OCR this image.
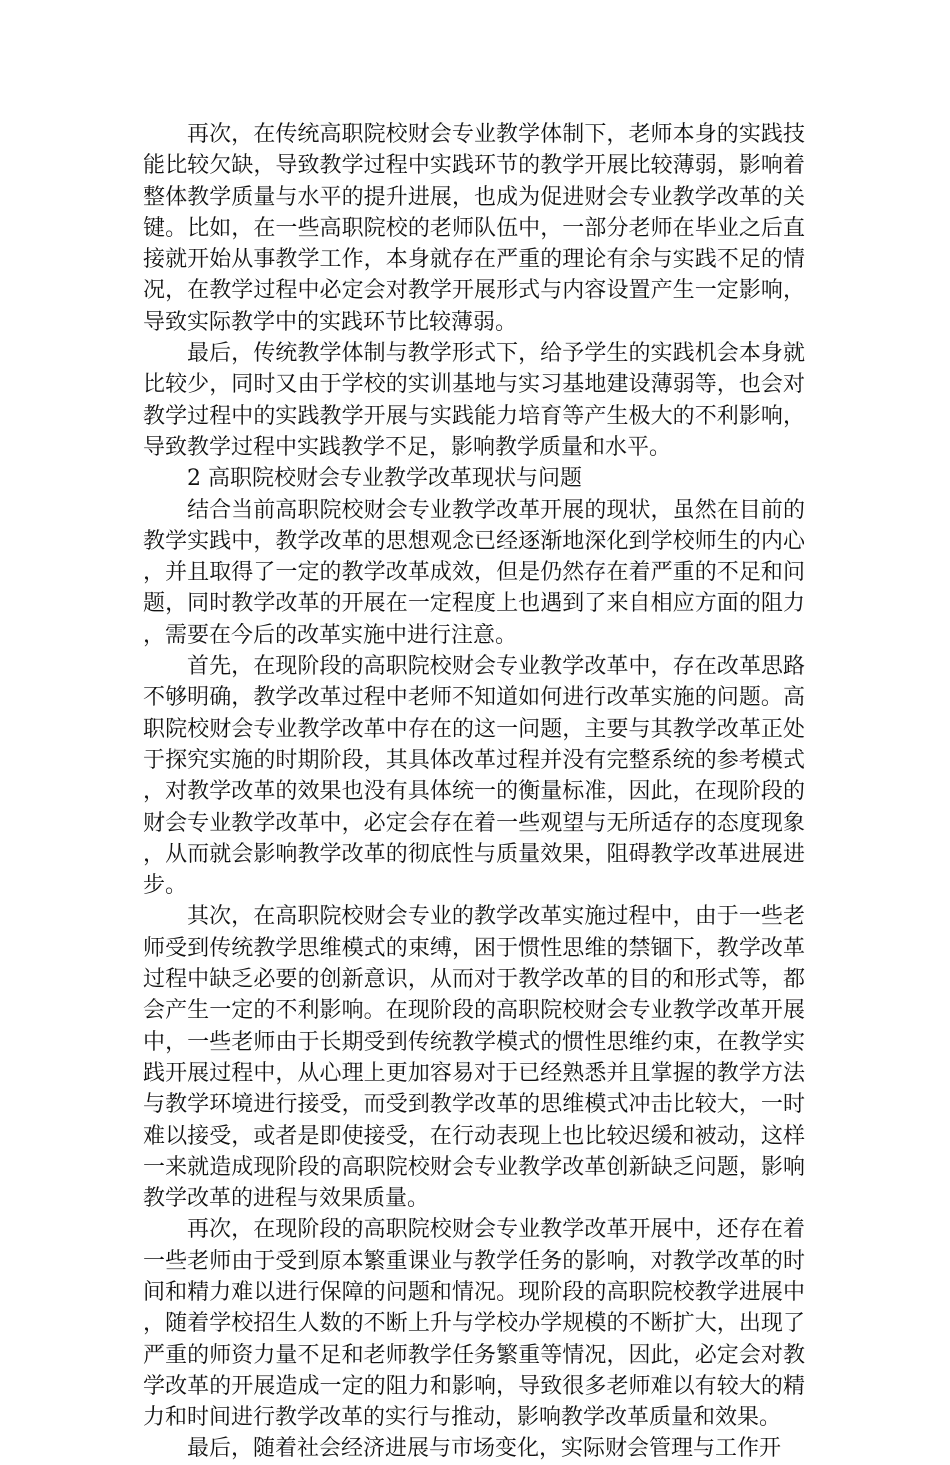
再次，在传统高职院校财会专业教学体制下，老师本身的实践技能比较欠缺，导致教学过程中实践环节的教学开展比较薄弱，影响着整体教学质量与水平的提升进展，也成为促进财会专业教学改革的关键。比如，在一些高职院校的老师队伍中，一部分老师在毕业之后直接就开始从事教学工作，本身就存在严重的理论有余与实践不足的情况，在教学过程中必定会对教学开展形式与内容设置产生一定影响，导致实际教学中的实践环节比较薄弱。

最后，传统教学体制与教学形式下，给予学生的实践机会本身就比较少，同时又由于学校的实训基地与实习基地建设薄弱等，也会对教学过程中的实践教学开展与实践能力培育等产生极大的不利影响，导致教学过程中实践教学不足，影响教学质量和水平。

2 高职院校财会专业教学改革现状与问题

结合当前高职院校财会专业教学改革开展的现状，虽然在目前的教学实践中，教学改革的思想观念已经逐渐地深化到学校师生的内心，并且取得了一定的教学改革成效，但是仍然存在着严重的不足和问题，同时教学改革的开展在一定程度上也遇到了来自相应方面的阻力，需要在今后的改革实施中进行注意。

首先，在现阶段的高职院校财会专业教学改革中，存在改革思路不够明确，教学改革过程中老师不知道如何进行改革实施的问题。高职院校财会专业教学改革中存在的这一问题，主要与其教学改革正处于探究实施的时期阶段，其具体改革过程并没有完整系统的参考模式，对教学改革的效果也没有具体统一的衡量标准，因此，在现阶段的财会专业教学改革中，必定会存在着一些观望与无所适存的态度现象，从而就会影响教学改革的彻底性与质量效果，阻碍教学改革进展进步。

其次，在高职院校财会专业的教学改革实施过程中，由于一些老师受到传统教学思维模式的束缚，困于惯性思维的禁锢下，教学改革过程中缺乏必要的创新意识，从而对于教学改革的目的和形式等，都会产生一定的不利影响。在现阶段的高职院校财会专业教学改革开展中，一些老师由于长期受到传统教学模式的惯性思维约束，在教学实践开展过程中，从心理上更加容易对于已经熟悉并且掌握的教学方法与教学环境进行接受，而受到教学改革的思维模式冲击比较大，一时难以接受，或者是即使接受，在行动表现上也比较迟缓和被动，这样一来就造成现阶段的高职院校财会专业教学改革创新缺乏问题，影响教学改革的进程与效果质量。

再次，在现阶段的高职院校财会专业教学改革开展中，还存在着一些老师由于受到原本繁重课业与教学任务的影响，对教学改革的时间和精力难以进行保障的问题和情况。现阶段的高职院校教学进展中，随着学校招生人数的不断上升与学校办学规模的不断扩大，出现了严重的师资力量不足和老师教学任务繁重等情况，因此，必定会对教学改革的开展造成一定的阻力和影响，导致很多老师难以有较大的精力和时间进行教学改革的实行与推动，影响教学改革质量和效果。

最后，随着社会经济进展与市场变化，实际财会管理与工作开
